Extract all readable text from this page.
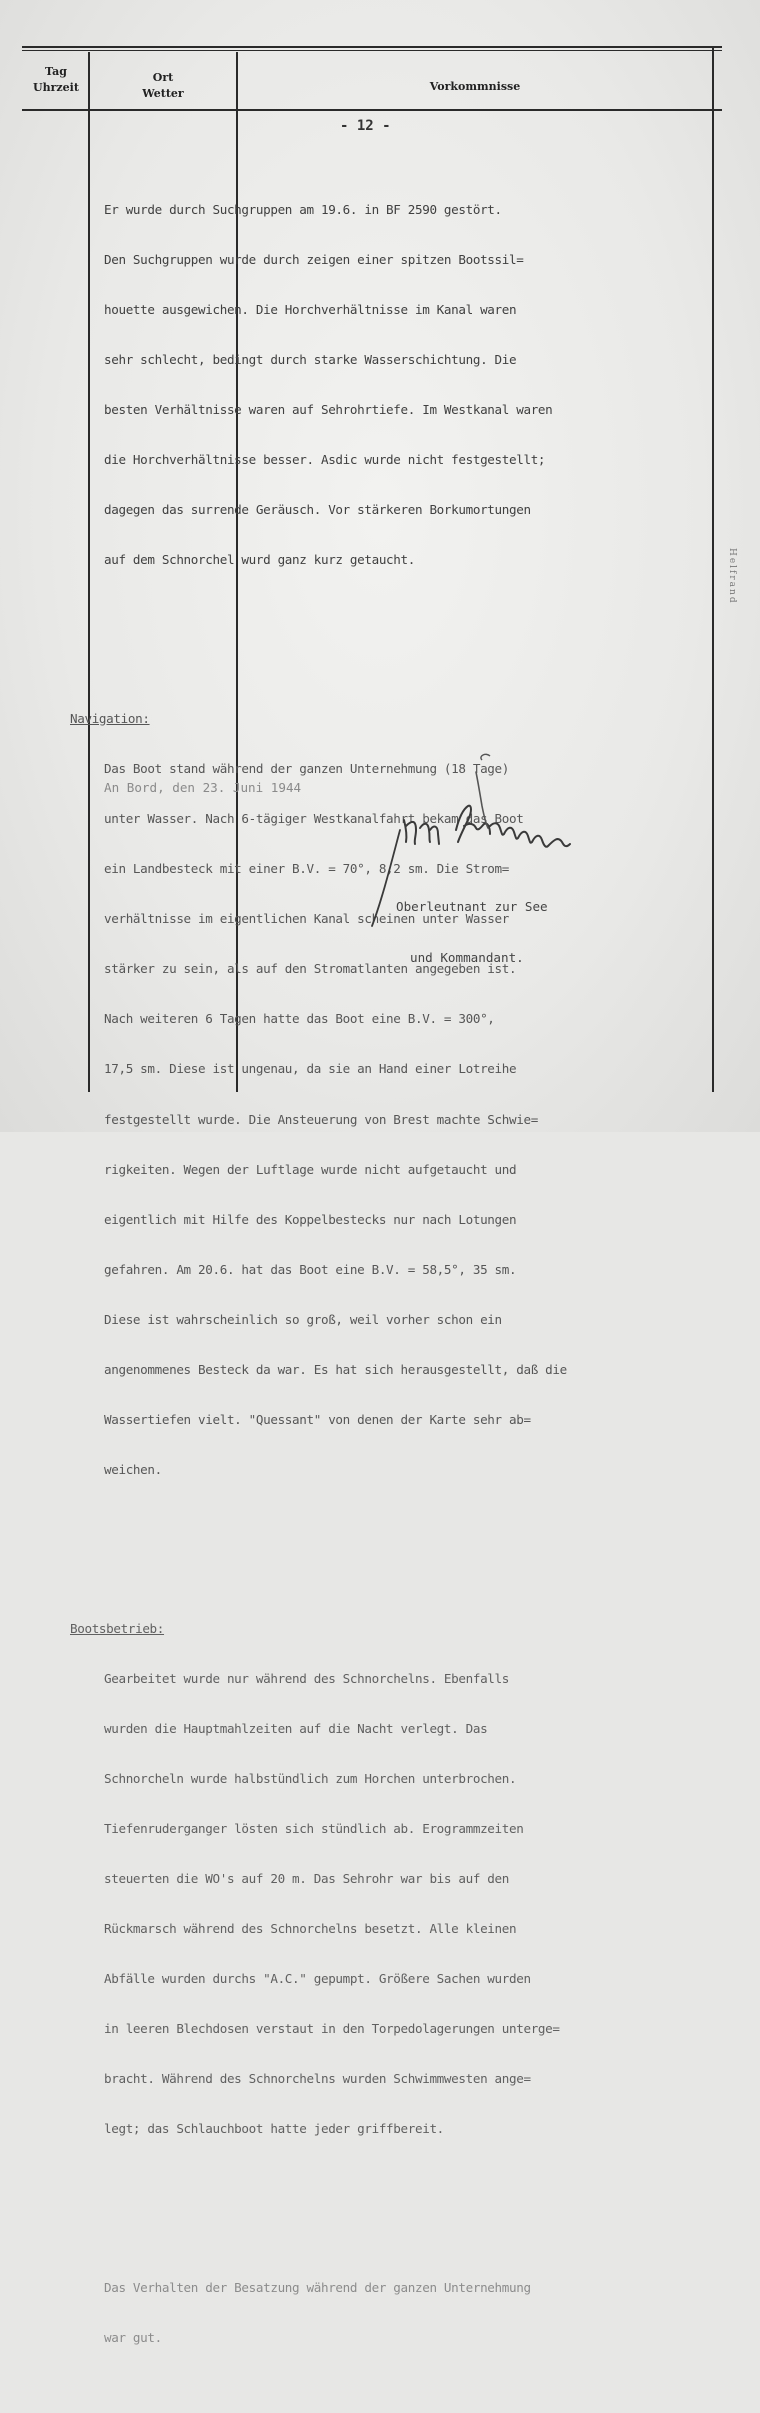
Tag
Uhrzeit
Ort
Wetter
Vorkommnisse
- 12 -

Er wurde durch Suchgruppen am 19.6. in BF 2590 gestört.

Den Suchgruppen wurde durch zeigen einer spitzen Bootssil=

houette ausgewichen. Die Horchverhältnisse im Kanal waren

sehr schlecht, bedingt durch starke Wasserschichtung. Die

besten Verhältnisse waren auf Sehrohrtiefe. Im Westkanal waren

die Horchverhältnisse besser. Asdic wurde nicht festgestellt;

dagegen das surrende Geräusch. Vor stärkeren Borkumortungen

auf dem Schnorchel wurd ganz kurz getaucht.

Navigation:

Das Boot stand während der ganzen Unternehmung (18 Tage)

unter Wasser. Nach 6-tägiger Westkanalfahrt bekam das Boot

ein Landbesteck mit einer B.V. = 70°, 8,2 sm. Die Strom=

verhältnisse im eigentlichen Kanal scheinen unter Wasser

stärker zu sein, als auf den Stromatlanten angegeben ist.

Nach weiteren 6 Tagen hatte das Boot eine B.V. = 300°,

17,5 sm. Diese ist ungenau, da sie an Hand einer Lotreihe

festgestellt wurde. Die Ansteuerung von Brest machte Schwie=

rigkeiten. Wegen der Luftlage wurde nicht aufgetaucht und

eigentlich mit Hilfe des Koppelbestecks nur nach Lotungen

gefahren. Am 20.6. hat das Boot eine B.V. = 58,5°, 35 sm.

Diese ist wahrscheinlich so groß, weil vorher schon ein

angenommenes Besteck da war. Es hat sich herausgestellt, daß die

Wassertiefen vielt. "Quessant" von denen der Karte sehr ab=

weichen.

Bootsbetrieb:

Gearbeitet wurde nur während des Schnorchelns. Ebenfalls

wurden die Hauptmahlzeiten auf die Nacht verlegt. Das

Schnorcheln wurde halbstündlich zum Horchen unterbrochen.

Tiefenruderganger lösten sich stündlich ab. Erogrammzeiten

steuerten die WO's auf 20 m. Das Sehrohr war bis auf den

Rückmarsch während des Schnorchelns besetzt. Alle kleinen

Abfälle wurden durchs "A.C." gepumpt. Größere Sachen wurden

in leeren Blechdosen verstaut in den Torpedolagerungen unterge=

bracht. Während des Schnorchelns wurden Schwimmwesten ange=

legt; das Schlauchboot hatte jeder griffbereit.

Das Verhalten der Besatzung während der ganzen Unternehmung

war gut.

An Bord, den 23. Juni 1944

Oberleutnant zur See

und Kommandant.

Helfrand
